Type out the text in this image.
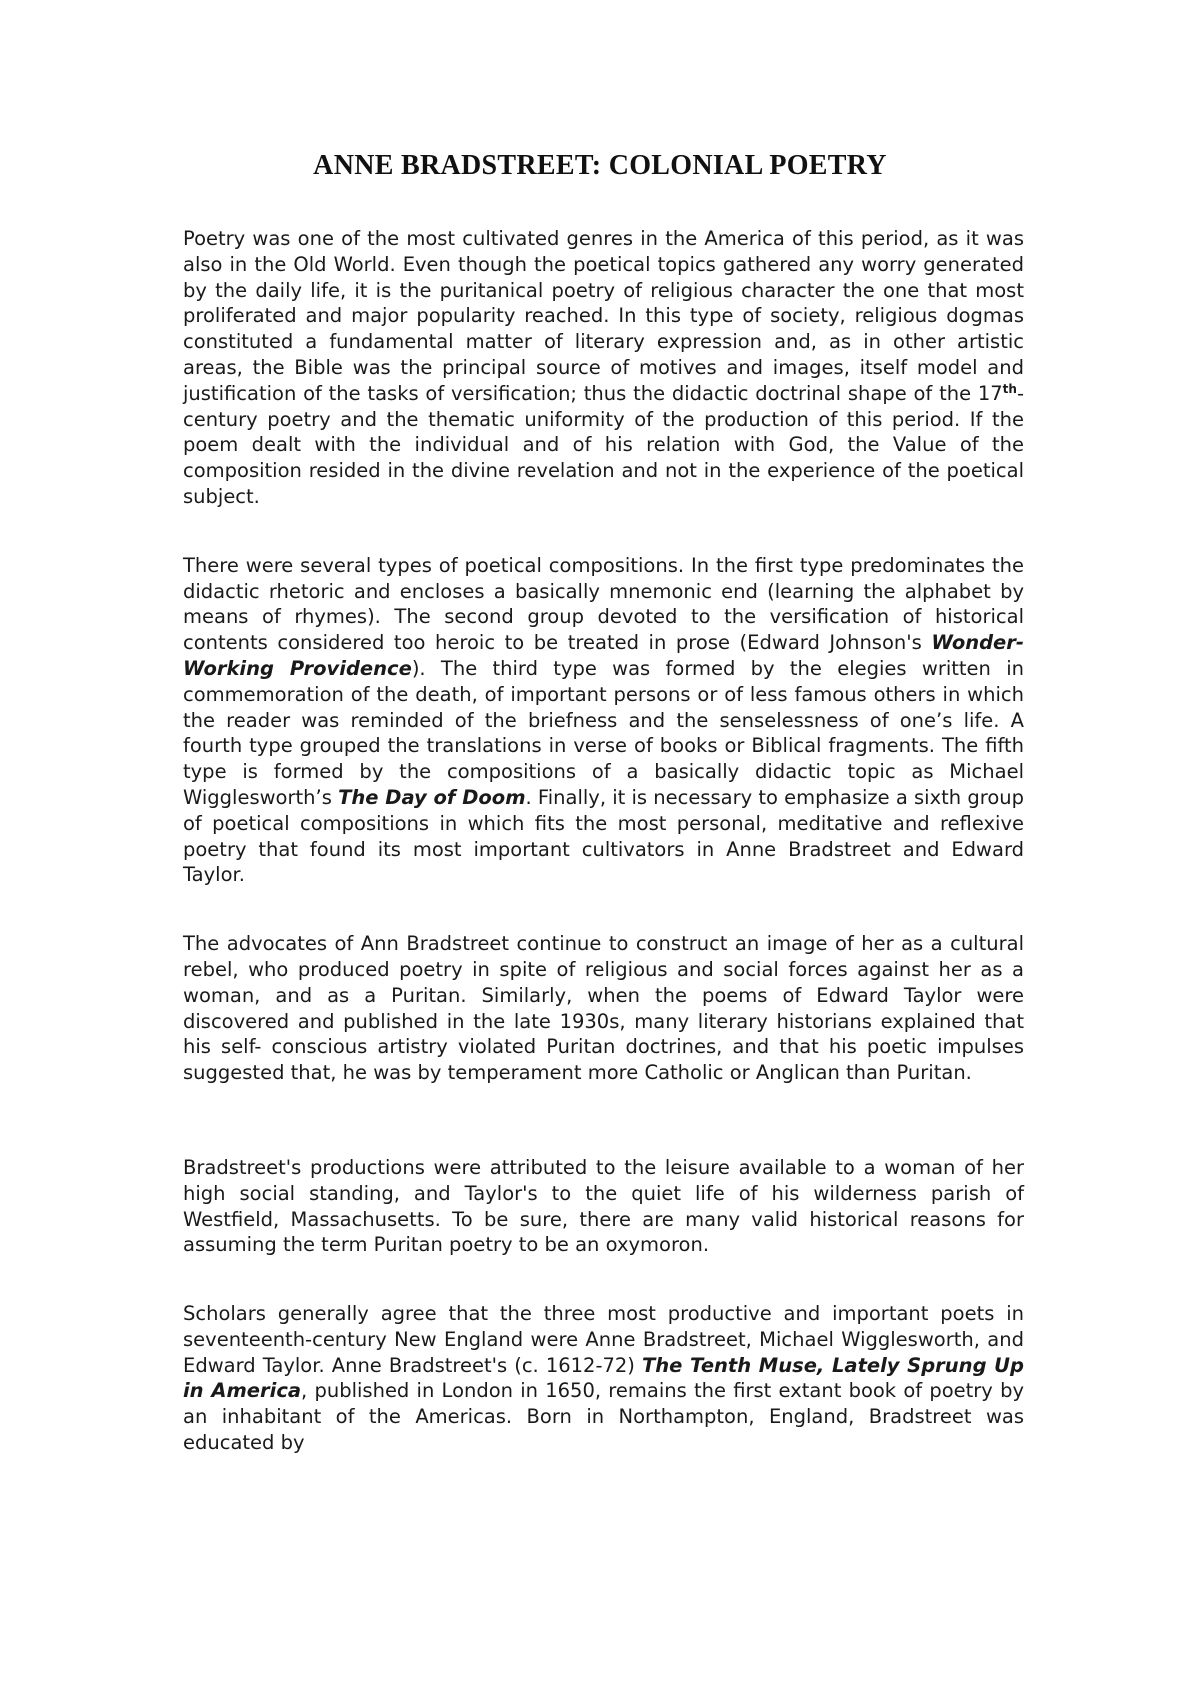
ANNE BRADSTREET: COLONIAL POETRY

Poetry was one of the most cultivated genres in the America of this period, as it was also in the Old World. Even though the poetical topics gathered any worry generated by the daily life, it is the puritanical poetry of religious character the one that most proliferated and major popularity reached. In this type of society, religious dogmas constituted a fundamental matter of literary expression and, as in other artistic areas, the Bible was the principal source of motives and images, itself model and justification of the tasks of versification; thus the didactic doctrinal shape of the 17th-century poetry and the thematic uniformity of the production of this period. If the poem dealt with the individual and of his relation with God, the Value of the composition resided in the divine revelation and not in the experience of the poetical subject.

There were several types of poetical compositions. In the first type predominates the didactic rhetoric and encloses a basically mnemonic end (learning the alphabet by means of rhymes). The second group devoted to the versification of historical contents considered too heroic to be treated in prose (Edward Johnson's Wonder-Working Providence). The third type was formed by the elegies written in commemoration of the death, of important persons or of less famous others in which the reader was reminded of the briefness and the senselessness of one’s life. A fourth type grouped the translations in verse of books or Biblical fragments. The fifth type is formed by the compositions of a basically didactic topic as Michael Wigglesworth’s The Day of Doom. Finally, it is necessary to emphasize a sixth group of poetical compositions in which fits the most personal, meditative and reflexive poetry that found its most important cultivators in Anne Bradstreet and Edward Taylor.

The advocates of Ann Bradstreet continue to construct an image of her as a cultural rebel, who produced poetry in spite of religious and social forces against her as a woman, and as a Puritan. Similarly, when the poems of Edward Taylor were discovered and published in the late 1930s, many literary historians explained that his self- conscious artistry violated Puritan doctrines, and that his poetic impulses suggested that, he was by temperament more Catholic or Anglican than Puritan.

Bradstreet's productions were attributed to the leisure available to a woman of her high social standing, and Taylor's to the quiet life of his wilderness parish of Westfield, Massachusetts. To be sure, there are many valid historical reasons for assuming the term Puritan poetry to be an oxymoron.

Scholars generally agree that the three most productive and important poets in seventeenth-century New England were Anne Bradstreet, Michael Wigglesworth, and Edward Taylor. Anne Bradstreet's (c. 1612-72) The Tenth Muse, Lately Sprung Up in America, published in London in 1650, remains the first extant book of poetry by an inhabitant of the Americas. Born in Northampton, England, Bradstreet was educated by
